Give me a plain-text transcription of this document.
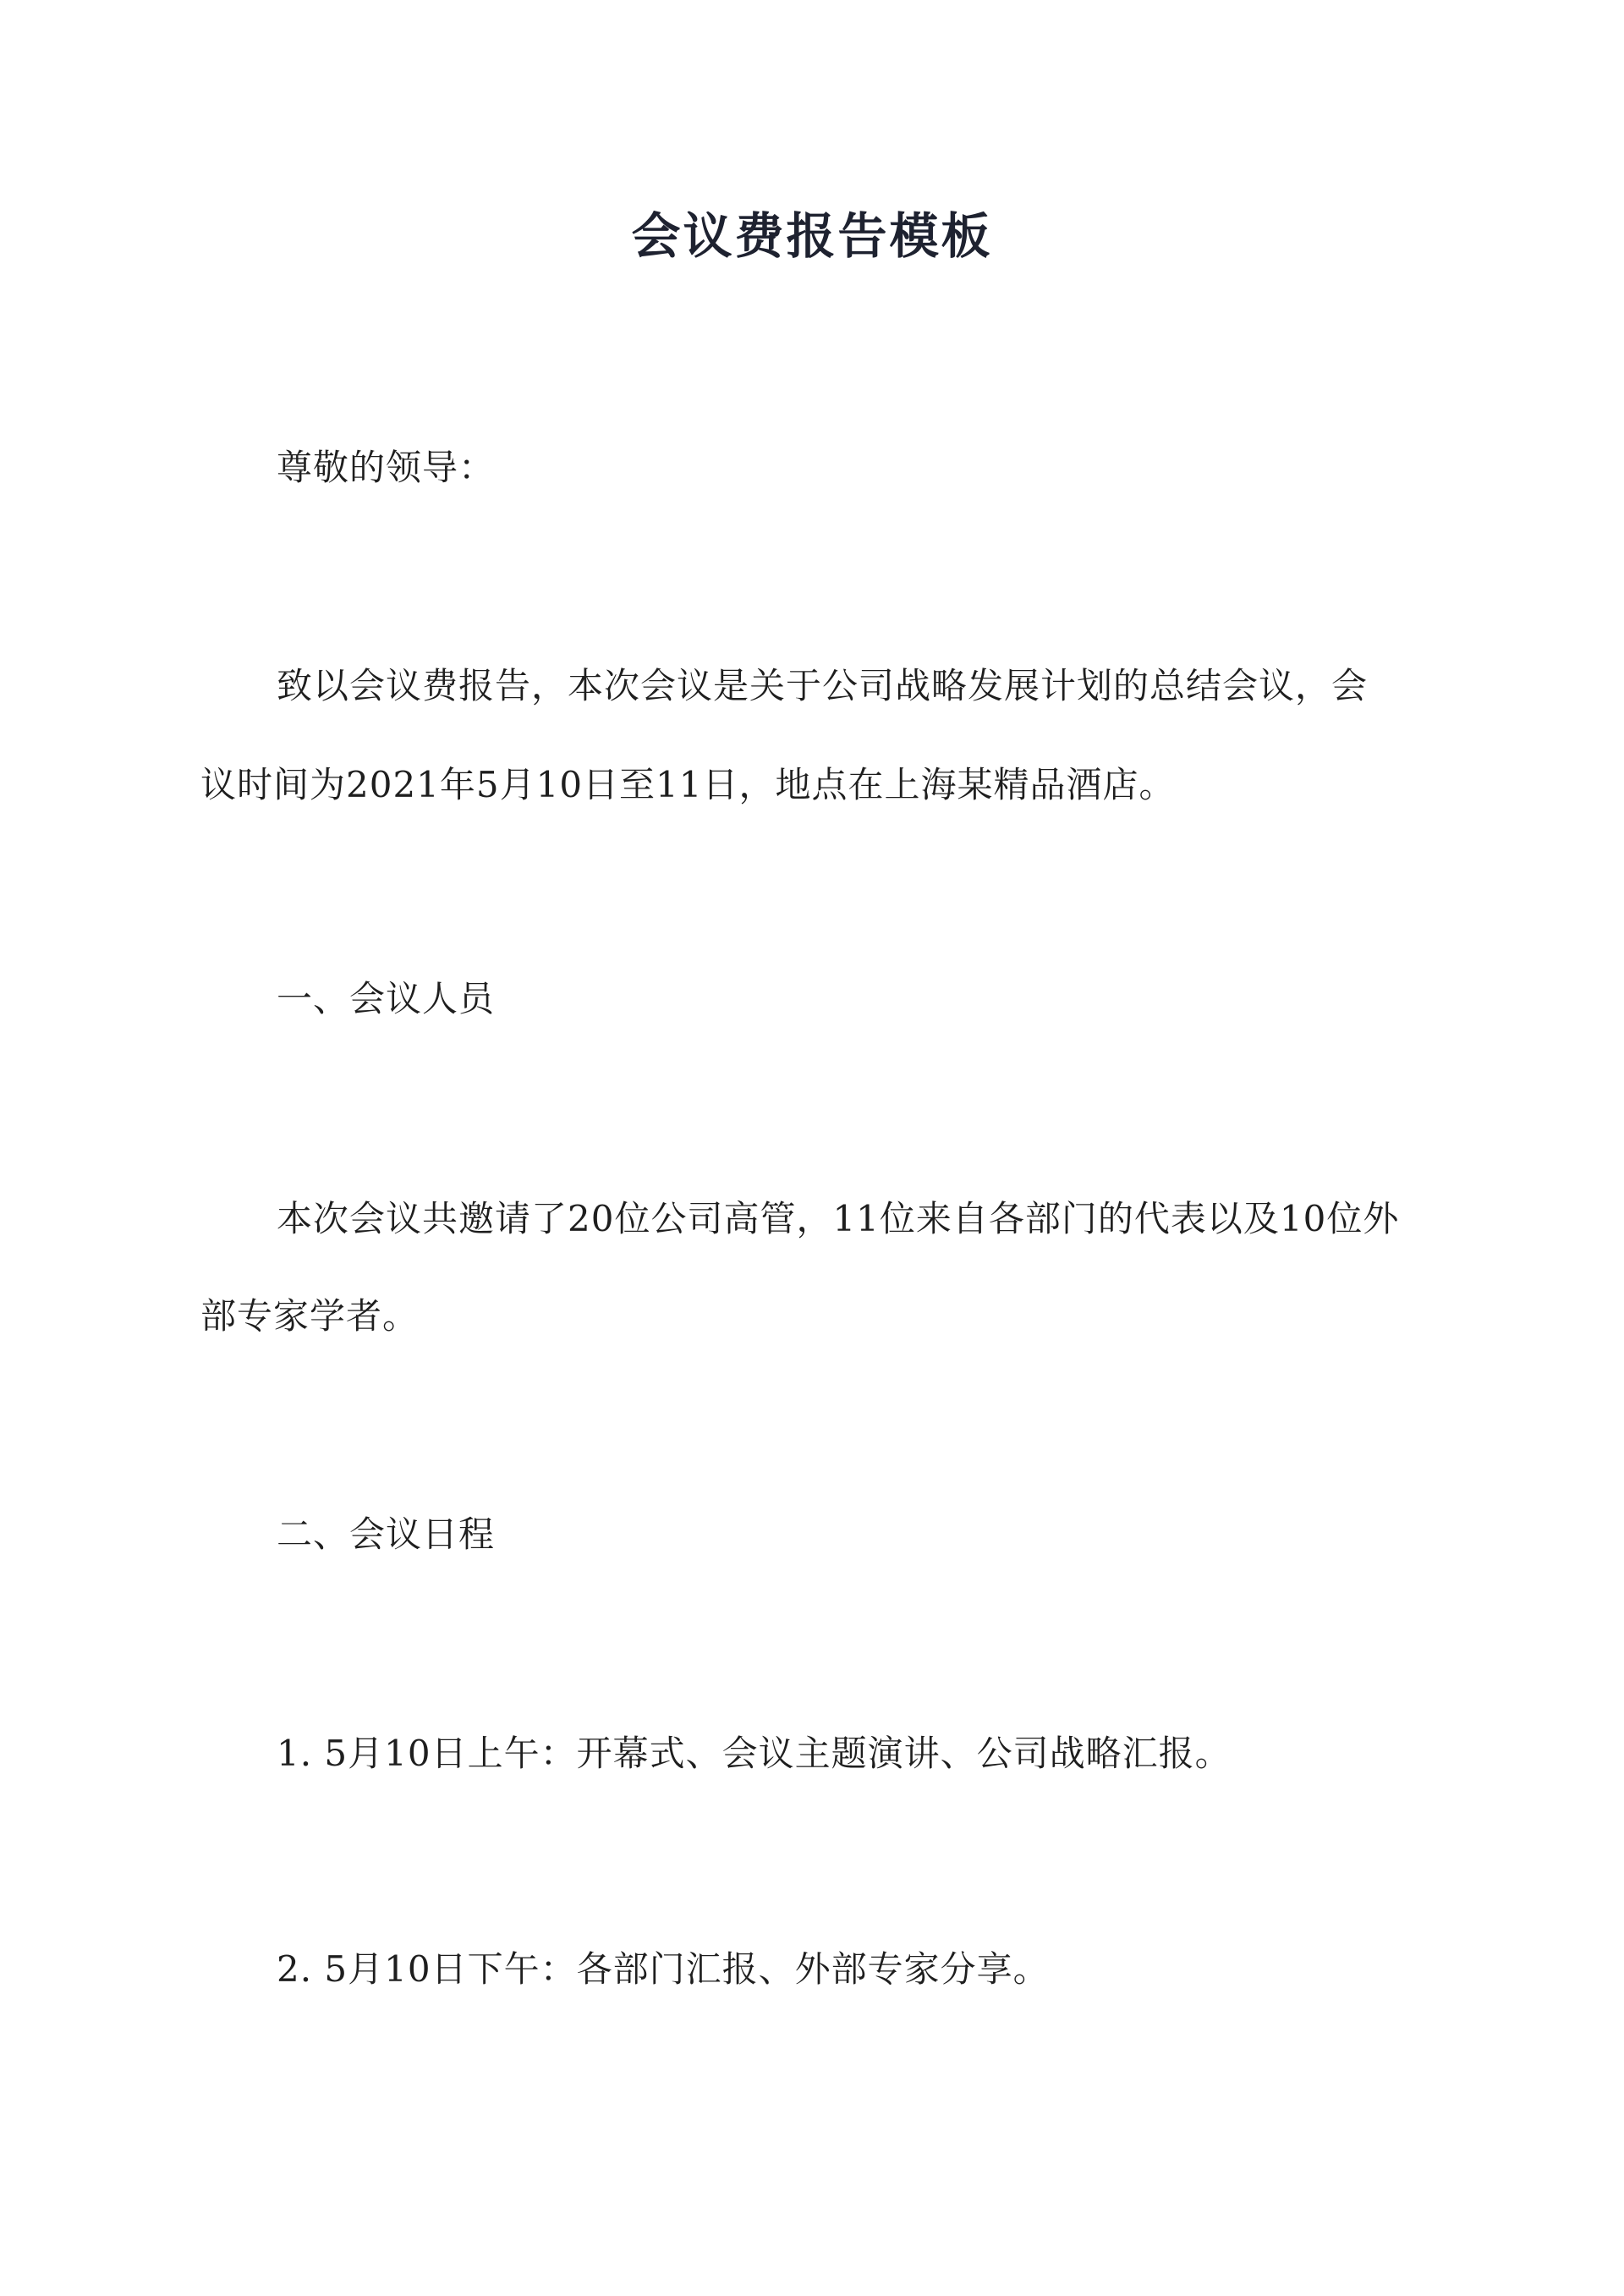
会议费报告模板
尊敬的领导：
致以会议费报告，本次会议是关于公司战略发展计划的总结会议，会
议时间为2021年5月10日至11日，地点在上海某精品酒店。
一、会议人员
本次会议共邀请了20位公司高管，11位来自各部门的代表以及10位外
部专家学者。
二、会议日程
1. 5月10日上午：开幕式、会议主题演讲、公司战略汇报。
2. 5月10日下午：各部门汇报、外部专家分享。
